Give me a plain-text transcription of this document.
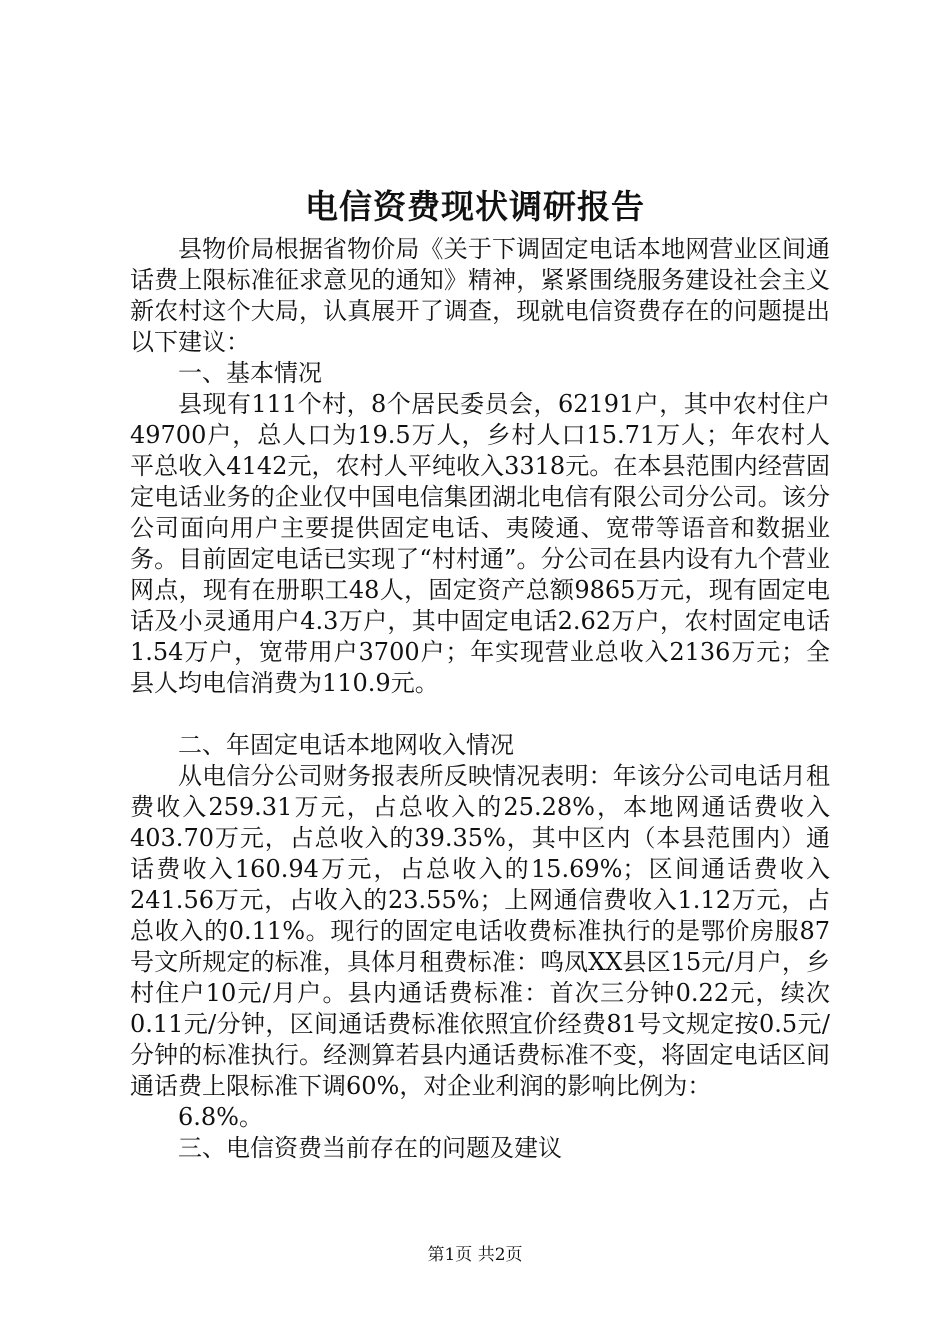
电信资费现状调研报告

县物价局根据省物价局《关于下调固定电话本地网营业区间通话费上限标准征求意见的通知》精神，紧紧围绕服务建设社会主义新农村这个大局，认真展开了调查，现就电信资费存在的问题提出以下建议：

一、基本情况

县现有111个村，8个居民委员会，62191户，其中农村住户49700户，总人口为19.5万人，乡村人口15.71万人；年农村人平总收入4142元，农村人平纯收入3318元。在本县范围内经营固定电话业务的企业仅中国电信集团湖北电信有限公司分公司。该分公司面向用户主要提供固定电话、夷陵通、宽带等语音和数据业务。目前固定电话已实现了“村村通”。分公司在县内设有九个营业网点，现有在册职工48人，固定资产总额9865万元，现有固定电话及小灵通用户4.3万户，其中固定电话2.62万户，农村固定电话1.54万户，宽带用户3700户；年实现营业总收入2136万元；全县人均电信消费为110.9元。

二、年固定电话本地网收入情况

从电信分公司财务报表所反映情况表明：年该分公司电话月租费收入259.31万元，占总收入的25.28%，本地网通话费收入403.70万元，占总收入的39.35%，其中区内（本县范围内）通话费收入160.94万元，占总收入的15.69%；区间通话费收入241.56万元，占收入的23.55%；上网通信费收入1.12万元，占总收入的0.11%。现行的固定电话收费标准执行的是鄂价房服87号文所规定的标准，具体月租费标准：鸣凤XX县区15元/月户，乡村住户10元/月户。县内通话费标准：首次三分钟0.22元，续次0.11元/分钟，区间通话费标准依照宜价经费81号文规定按0.5元/分钟的标准执行。经测算若县内通话费标准不变，将固定电话区间通话费上限标准下调60%，对企业利润的影响比例为：

6.8%。

三、电信资费当前存在的问题及建议

第1页 共2页
